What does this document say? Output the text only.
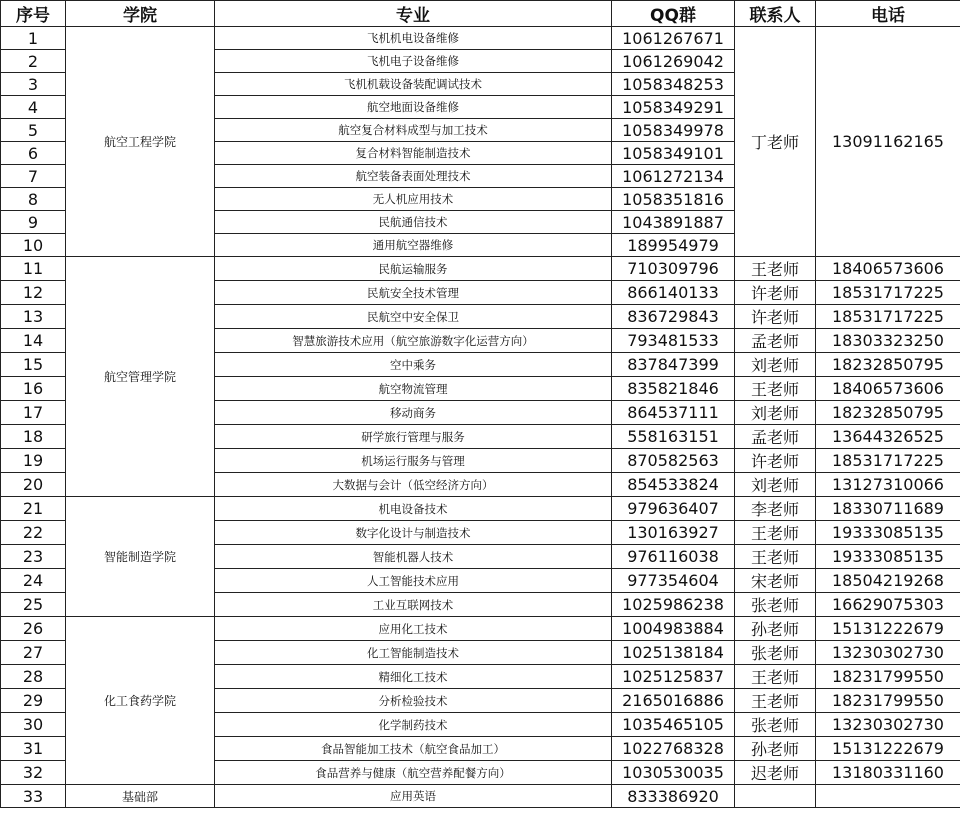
序号	学院	专业	QQ群	联系人	电话
1	航空工程学院	飞机机电设备维修	1061267671	丁老师	13091162165
2		飞机电子设备维修	1061269042		
3		飞机机载设备装配调试技术	1058348253		
4		航空地面设备维修	1058349291		
5		航空复合材料成型与加工技术	1058349978		
6		复合材料智能制造技术	1058349101		
7		航空装备表面处理技术	1061272134		
8		无人机应用技术	1058351816		
9		民航通信技术	1043891887		
10		通用航空器维修	189954979		
11	航空管理学院	民航运输服务	710309796	王老师	18406573606
12		民航安全技术管理	866140133	许老师	18531717225
13		民航空中安全保卫	836729843	许老师	18531717225
14		智慧旅游技术应用（航空旅游数字化运营方向）	793481533	孟老师	18303323250
15		空中乘务	837847399	刘老师	18232850795
16		航空物流管理	835821846	王老师	18406573606
17		移动商务	864537111	刘老师	18232850795
18		研学旅行管理与服务	558163151	孟老师	13644326525
19		机场运行服务与管理	870582563	许老师	18531717225
20		大数据与会计（低空经济方向）	854533824	刘老师	13127310066
21	智能制造学院	机电设备技术	979636407	李老师	18330711689
22		数字化设计与制造技术	130163927	王老师	19333085135
23		智能机器人技术	976116038	王老师	19333085135
24		人工智能技术应用	977354604	宋老师	18504219268
25		工业互联网技术	1025986238	张老师	16629075303
26	化工食药学院	应用化工技术	1004983884	孙老师	15131222679
27		化工智能制造技术	1025138184	张老师	13230302730
28		精细化工技术	1025125837	王老师	18231799550
29		分析检验技术	2165016886	王老师	18231799550
30		化学制药技术	1035465105	张老师	13230302730
31		食品智能加工技术（航空食品加工）	1022768328	孙老师	15131222679
32		食品营养与健康（航空营养配餐方向）	1030530035	迟老师	13180331160
33	基础部	应用英语	833386920		
